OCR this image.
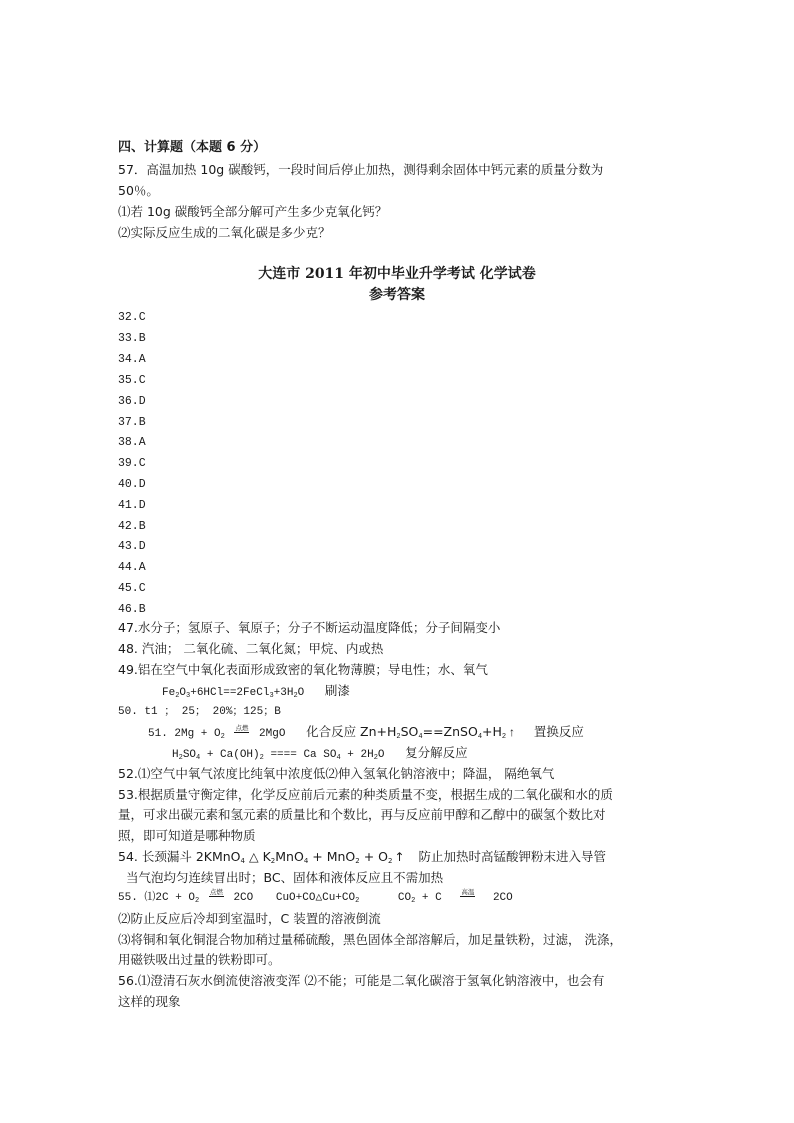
四、计算题（本题 6 分）
57．高温加热 10g 碳酸钙，一段时间后停止加热，测得剩余固体中钙元素的质量分数为
50％。
⑴若 10g 碳酸钙全部分解可产生多少克氧化钙？
⑵实际反应生成的二氧化碳是多少克？
大连市 2011 年初中毕业升学考试 化学试卷
参考答案
32.C
33.B
34.A
35.C
36.D
37.B
38.A
39.C
40.D
41.D
42.B
43.D
44.A
45.C
46.B
47.水分子；氢原子、氧原子；分子不断运动温度降低；分子间隔变小
48. 汽油； 二氧化硫、二氧化氮；甲烷、内或热
49.铝在空气中氧化表面形成致密的氧化物薄膜；导电性；水、氧气
$Fe_2O_3+6HCl==2FeCl_3+3H_2O$ 刷漆
50. t1 ； 25； 20%；125；B
51. $2Mg + O_2$ 点燃 2MgO 化合反应 $Zn+H_2SO_4==ZnSO_4+H_2$ ↑ 置换反应
$H_2SO_4 + Ca(OH)_2$ ==== Ca $SO_4 + 2H_2O$ 复分解反应
52.⑴空气中氧气浓度比纯氧中浓度低⑵伸入氢氧化钠溶液中；降温， 隔绝氧气
53.根据质量守衡定律，化学反应前后元素的种类质量不变，根据生成的二氧化碳和水的质
量，可求出碳元素和氢元素的质量比和个数比，再与反应前甲醇和乙醇中的碳氢个数比对
照，即可知道是哪种物质
54. 长颈漏斗 2KMnO$_4$ △ $K_2MnO_4 + MnO_2 + O_2$ ↑ 防止加热时高锰酸钾粉末进入导管
当气泡均匀连续冒出时；BC、固体和液体反应且不需加热
55. ⑴2C + $O_2$ 点燃 2CO $CuO+CO\triangle Cu+CO_2$	$CO_2 + C$	高温 2CO
⑵防止反应后冷却到室温时，C 装置的溶液倒流
⑶将铜和氧化铜混合物加稍过量稀硫酸，黑色固体全部溶解后，加足量铁粉，过滤， 洗涤，
用磁铁吸出过量的铁粉即可。
56.⑴澄清石灰水倒流使溶液变浑 ⑵不能；可能是二氧化碳溶于氢氧化钠溶液中，也会有
这样的现象
